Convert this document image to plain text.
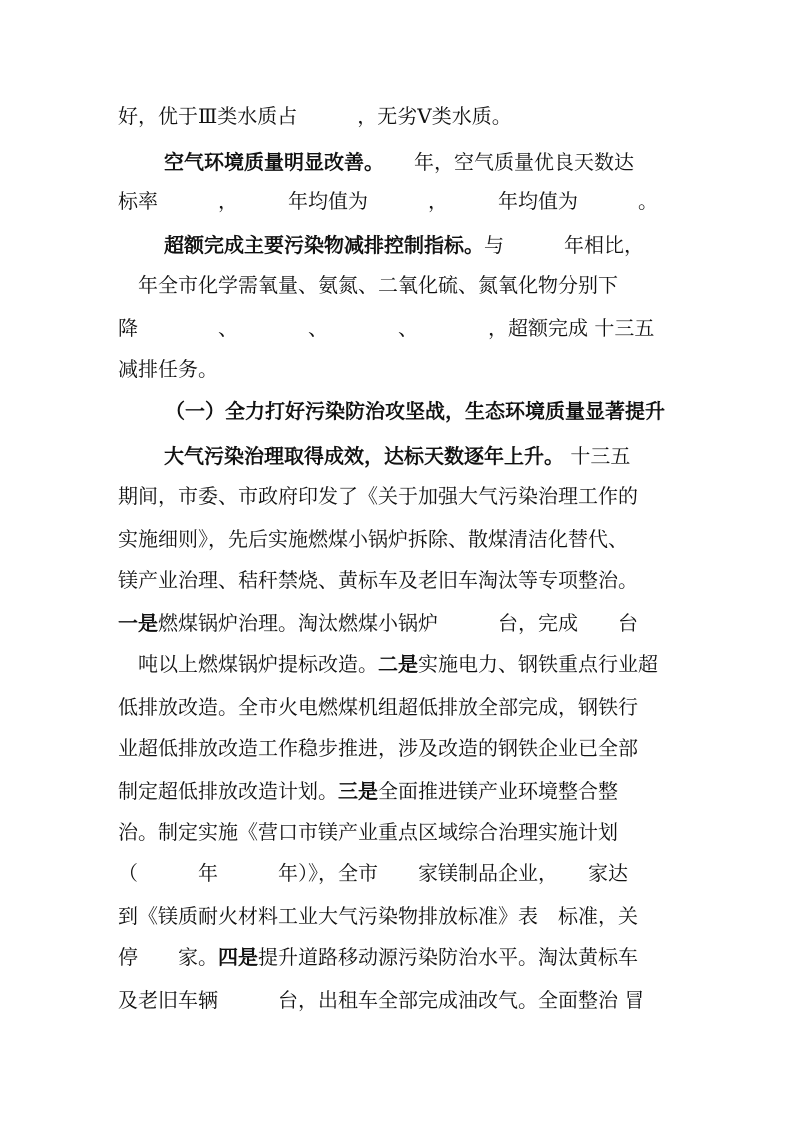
好，优于Ⅲ类水质占　　　，无劣Ⅴ类水质。
空气环境质量明显改善。　　年，空气质量优良天数达
标率　　　，　　　年均值为　　　，　　　年均值为　　　。
超额完成主要污染物减排控制指标。与　　　年相比，
　年全市化学需氧量、氨氮、二氧化硫、氮氧化物分别下
降　　　　、　　　　、　　　　、　　　　，超额完成 十三五
减排任务。
（一）全力打好污染防治攻坚战，生态环境质量显著提升
大气污染治理取得成效，达标天数逐年上升。 十三五
期间，市委、市政府印发了《关于加强大气污染治理工作的
实施细则》，先后实施燃煤小锅炉拆除、散煤清洁化替代、
镁产业治理、秸秆禁烧、黄标车及老旧车淘汰等专项整治。
一是燃煤锅炉治理。淘汰燃煤小锅炉　　　台，完成　　台
　吨以上燃煤锅炉提标改造。二是实施电力、钢铁重点行业超
低排放改造。全市火电燃煤机组超低排放全部完成，钢铁行
业超低排放改造工作稳步推进，涉及改造的钢铁企业已全部
制定超低排放改造计划。三是全面推进镁产业环境整合整
治。制定实施《营口市镁产业重点区域综合治理实施计划
（　　　年　　　年）》，全市　　家镁制品企业，　　家达
到《镁质耐火材料工业大气污染物排放标准》表　标准，关
停　　家。四是提升道路移动源污染防治水平。淘汰黄标车
及老旧车辆　　　台，出租车全部完成油改气。全面整治 冒
